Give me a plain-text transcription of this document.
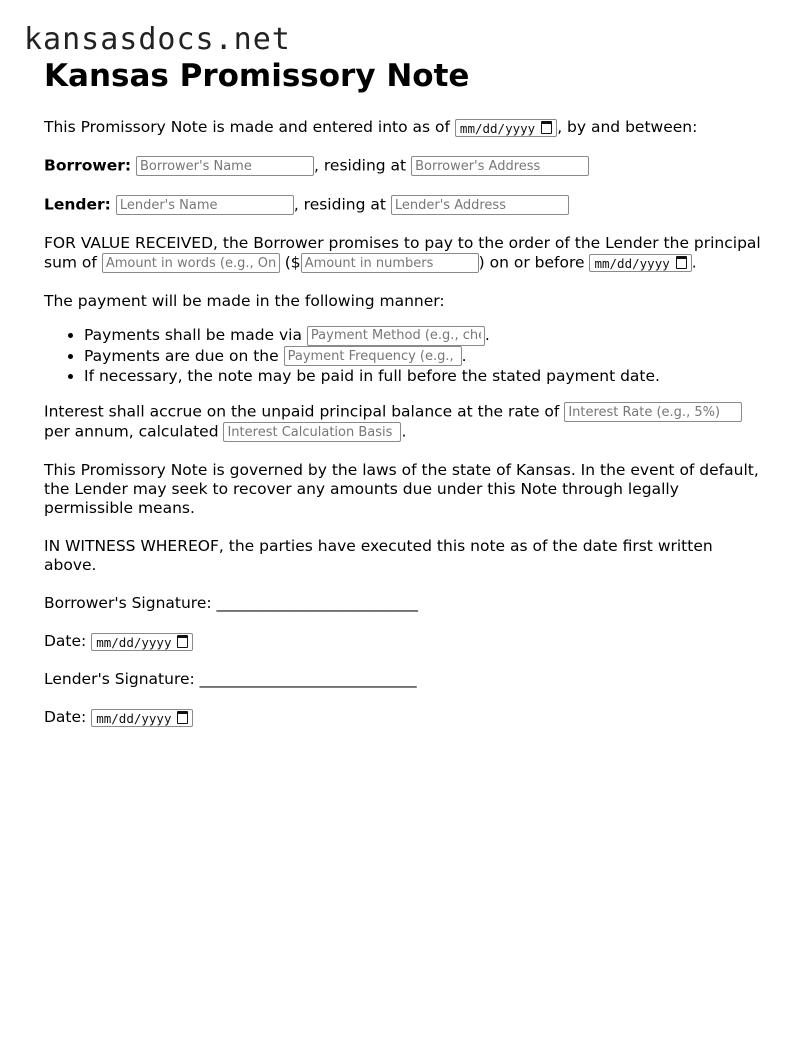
kansasdocs.net
Kansas Promissory Note

This Promissory Note is made and entered into as of mm/dd/yyyy , by and between:

Borrower: Borrower's Name	, residing at Borrower's Address

Lender: Lender's Name	, residing at Lender's Address

FOR VALUE RECEIVED, the Borrower promises to pay to the order of the Lender the principal sum of Amount in words (e.g., One	($Amount in numbers	) on or before mm/dd/yyyy .

The payment will be made in the following manner:

• Payments shall be made via Payment Method (e.g., che	.
• Payments are due on the Payment Frequency (e.g., r	.
• If necessary, the note may be paid in full before the stated payment date.

Interest shall accrue on the unpaid principal balance at the rate of Interest Rate (e.g., 5%) per annum, calculated Interest Calculation Basis	.

This Promissory Note is governed by the laws of the state of Kansas. In the event of default, the Lender may seek to recover any amounts due under this Note through legally permissible means.

IN WITNESS WHEREOF, the parties have executed this note as of the date first written above.

Borrower's Signature: __________________________

Date: mm/dd/yyyy

Lender's Signature: ____________________________

Date: mm/dd/yyyy
